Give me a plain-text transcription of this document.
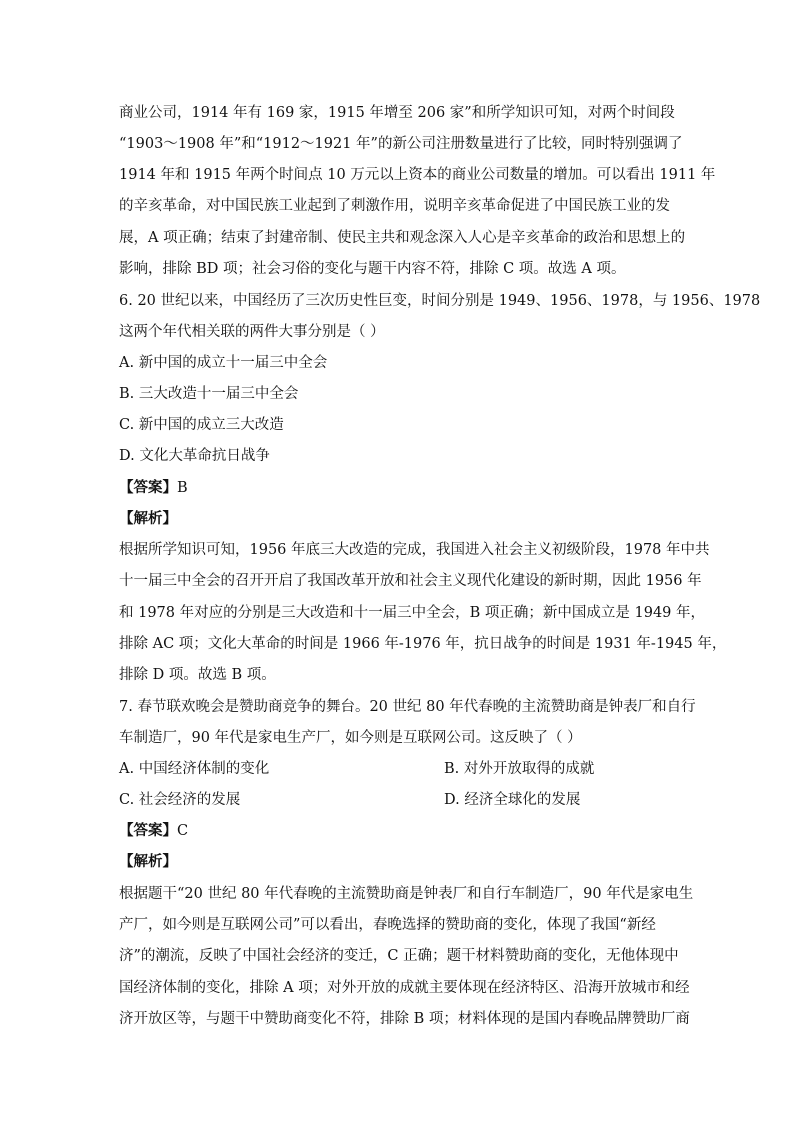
商业公司，1914 年有 169 家，1915 年增至 206 家”和所学知识可知，对两个时间段
“1903～1908 年”和“1912～1921 年”的新公司注册数量进行了比较，同时特别强调了
1914 年和 1915 年两个时间点 10 万元以上资本的商业公司数量的增加。可以看出 1911 年
的辛亥革命，对中国民族工业起到了刺激作用，说明辛亥革命促进了中国民族工业的发
展，A 项正确；结束了封建帝制、使民主共和观念深入人心是辛亥革命的政治和思想上的
影响，排除 BD 项；社会习俗的变化与题干内容不符，排除 C 项。故选 A 项。
6. 20 世纪以来，中国经历了三次历史性巨变，时间分别是 1949、1956、1978，与 1956、1978
这两个年代相关联的两件大事分别是（ ）
A. 新中国的成立十一届三中全会
B. 三大改造十一届三中全会
C. 新中国的成立三大改造
D. 文化大革命抗日战争
【答案】B
【解析】
根据所学知识可知，1956 年底三大改造的完成，我国进入社会主义初级阶段，1978 年中共
十一届三中全会的召开开启了我国改革开放和社会主义现代化建设的新时期，因此 1956 年
和 1978 年对应的分别是三大改造和十一届三中全会，B 项正确；新中国成立是 1949 年，
排除 AC 项；文化大革命的时间是 1966 年-1976 年，抗日战争的时间是 1931 年-1945 年，
排除 D 项。故选 B 项。
7. 春节联欢晚会是赞助商竞争的舞台。20 世纪 80 年代春晚的主流赞助商是钟表厂和自行
车制造厂，90 年代是家电生产厂，如今则是互联网公司。这反映了（ ）
A. 中国经济体制的变化	B. 对外开放取得的成就
C. 社会经济的发展	D. 经济全球化的发展
【答案】C
【解析】
根据题干“20 世纪 80 年代春晚的主流赞助商是钟表厂和自行车制造厂，90 年代是家电生
产厂，如今则是互联网公司”可以看出，春晚选择的赞助商的变化，体现了我国“新经
济”的潮流，反映了中国社会经济的变迁，C 正确；题干材料赞助商的变化，无他体现中
国经济体制的变化，排除 A 项；对外开放的成就主要体现在经济特区、沿海开放城市和经
济开放区等，与题干中赞助商变化不符，排除 B 项；材料体现的是国内春晚品牌赞助厂商
